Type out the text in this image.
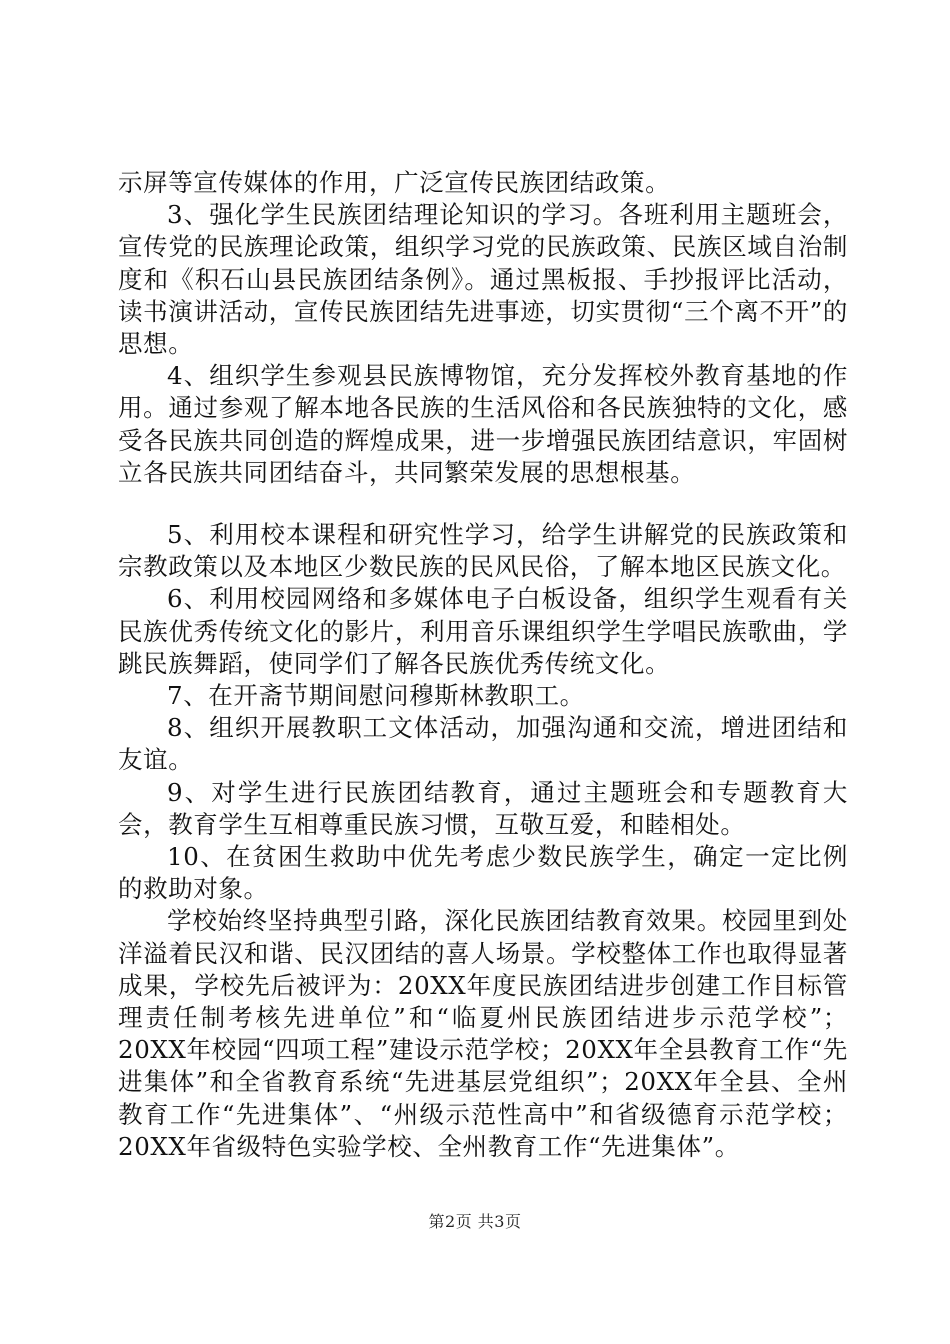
示屏等宣传媒体的作用，广泛宣传民族团结政策。

3、强化学生民族团结理论知识的学习。各班利用主题班会，宣传党的民族理论政策，组织学习党的民族政策、民族区域自治制度和《积石山县民族团结条例》。通过黑板报、手抄报评比活动，读书演讲活动，宣传民族团结先进事迹，切实贯彻“三个离不开”的思想。

4、组织学生参观县民族博物馆，充分发挥校外教育基地的作用。通过参观了解本地各民族的生活风俗和各民族独特的文化，感受各民族共同创造的辉煌成果，进一步增强民族团结意识，牢固树立各民族共同团结奋斗，共同繁荣发展的思想根基。

5、利用校本课程和研究性学习，给学生讲解党的民族政策和宗教政策以及本地区少数民族的民风民俗，了解本地区民族文化。

6、利用校园网络和多媒体电子白板设备，组织学生观看有关民族优秀传统文化的影片，利用音乐课组织学生学唱民族歌曲，学跳民族舞蹈，使同学们了解各民族优秀传统文化。

7、在开斋节期间慰问穆斯林教职工。

8、组织开展教职工文体活动，加强沟通和交流，增进团结和友谊。

9、对学生进行民族团结教育，通过主题班会和专题教育大会，教育学生互相尊重民族习惯，互敬互爱，和睦相处。

10、在贫困生救助中优先考虑少数民族学生，确定一定比例的救助对象。

学校始终坚持典型引路，深化民族团结教育效果。校园里到处洋溢着民汉和谐、民汉团结的喜人场景。学校整体工作也取得显著成果，学校先后被评为：20XX年度民族团结进步创建工作目标管理责任制考核先进单位”和“临夏州民族团结进步示范学校”；20XX年校园“四项工程”建设示范学校；20XX年全县教育工作“先进集体”和全省教育系统“先进基层党组织”；20XX年全县、全州教育工作“先进集体”、“州级示范性高中”和省级德育示范学校；20XX年省级特色实验学校、全州教育工作“先进集体”。

第2页 共3页
